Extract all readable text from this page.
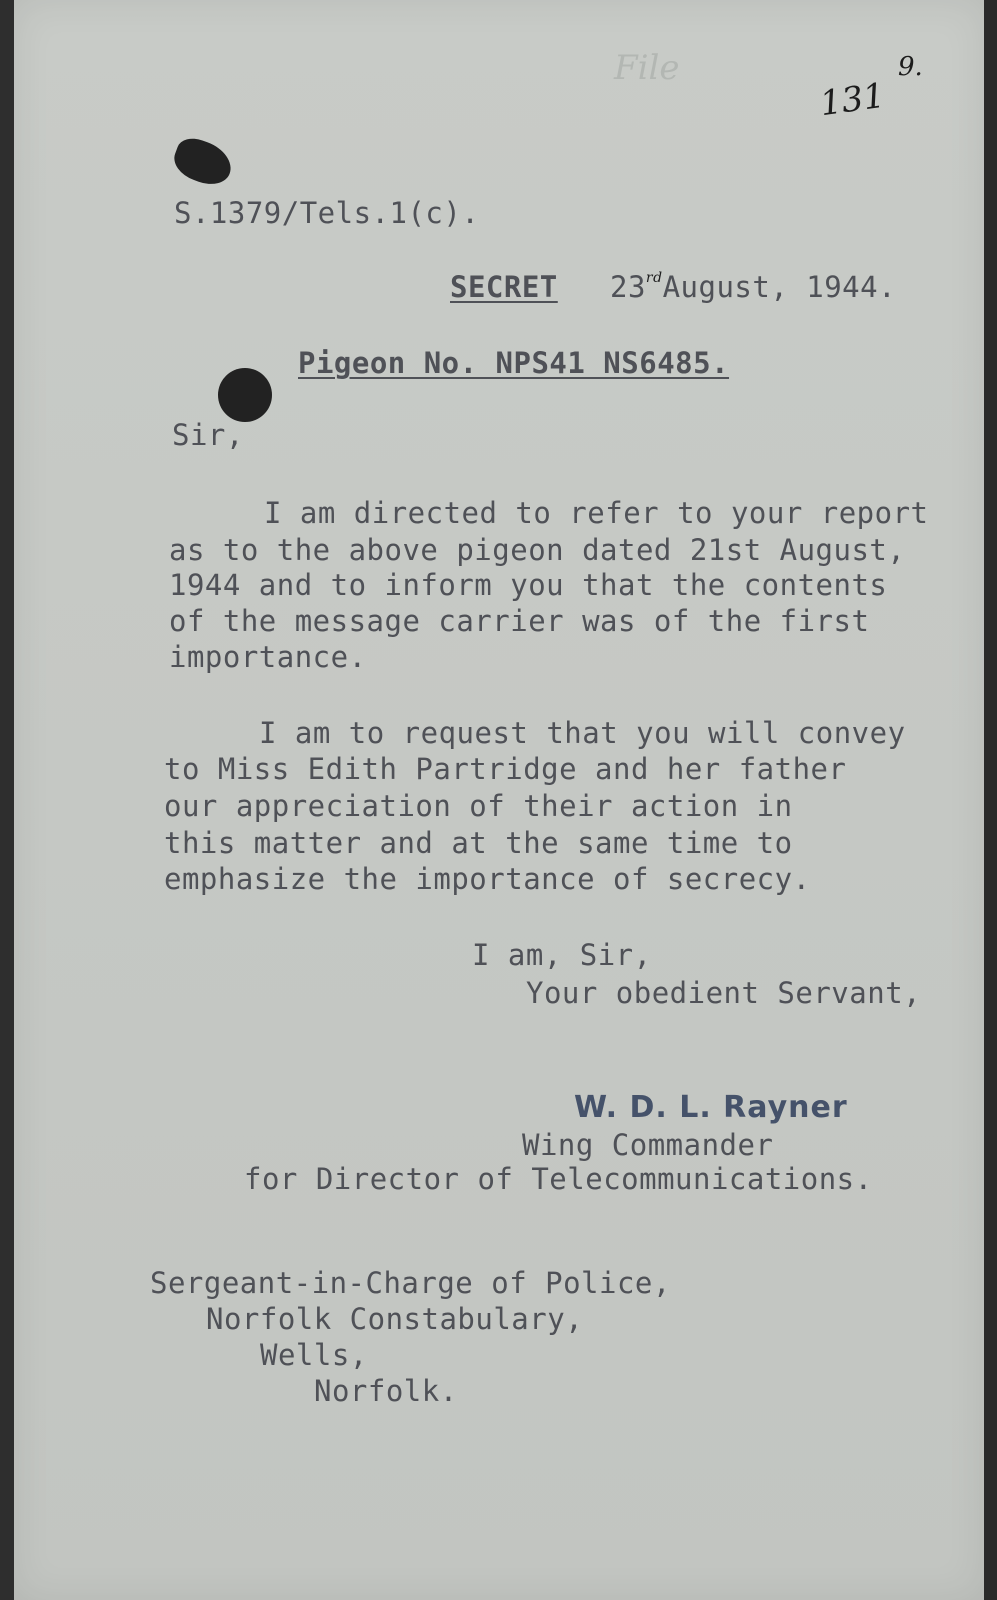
File
131
9.
S.1379/Tels.1(c).
SECRET 23rdAugust, 1944.
Pigeon No. NPS41 NS6485.
Sir,
I am directed to refer to your report
as to the above pigeon dated 21st August,
1944 and to inform you that the contents
of the message carrier was of the first
importance.
I am to request that you will convey
to Miss Edith Partridge and her father
our appreciation of their action in
this matter and at the same time to
emphasize the importance of secrecy.
I am, Sir,
Your obedient Servant,
W. D. L. Rayner
Wing Commander
for Director of Telecommunications.
Sergeant-in-Charge of Police,
Norfolk Constabulary,
Wells,
Norfolk.
